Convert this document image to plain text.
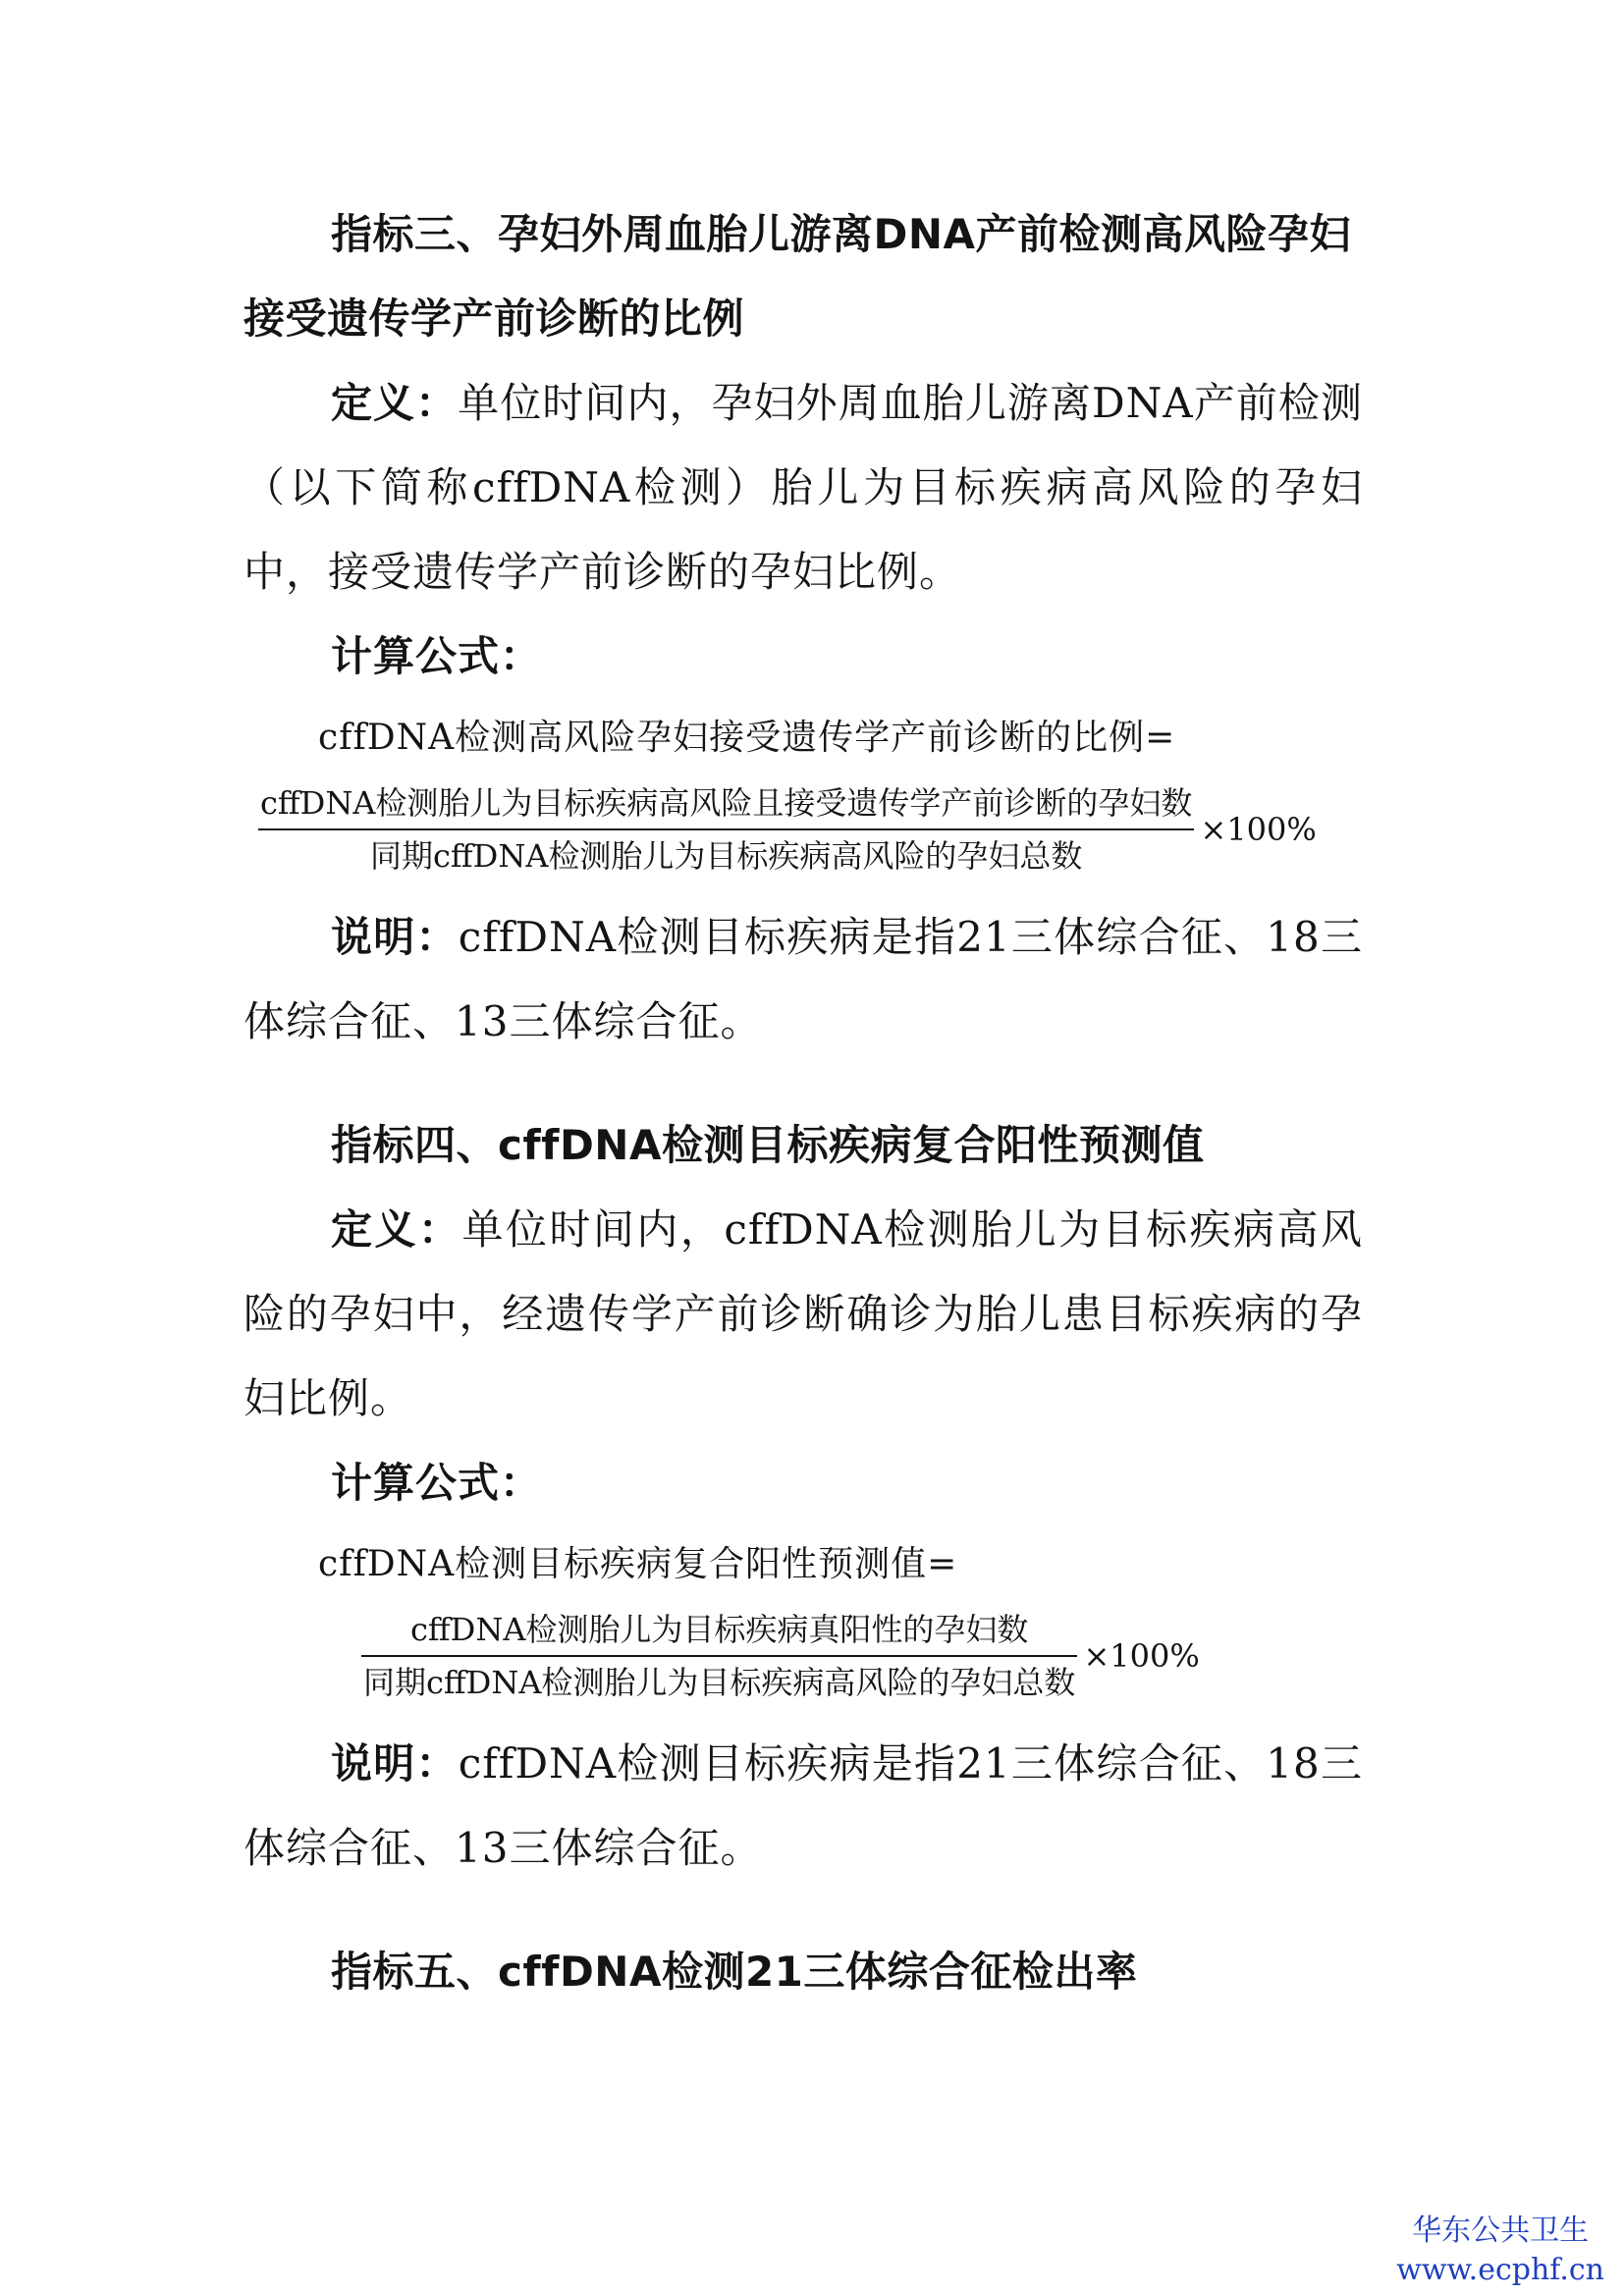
指标三、孕妇外周血胎儿游离DNA产前检测高风险孕妇接受遗传学产前诊断的比例

定义：单位时间内，孕妇外周血胎儿游离DNA产前检测（以下简称cffDNA检测）胎儿为目标疾病高风险的孕妇中，接受遗传学产前诊断的孕妇比例。

计算公式：

cffDNA检测高风险孕妇接受遗传学产前诊断的比例=

$\frac{\text{cffDNA检测胎儿为目标疾病高风险且接受遗传学产前诊断的孕妇数}}{\text{同期cffDNA检测胎儿为目标疾病高风险的孕妇总数}} \times 100\%$

说明：cffDNA检测目标疾病是指21三体综合征、18三体综合征、13三体综合征。

指标四、cffDNA检测目标疾病复合阳性预测值

定义：单位时间内，cffDNA检测胎儿为目标疾病高风险的孕妇中，经遗传学产前诊断确诊为胎儿患目标疾病的孕妇比例。

计算公式：

cffDNA检测目标疾病复合阳性预测值=

$\frac{\text{cffDNA检测胎儿为目标疾病真阳性的孕妇数}}{\text{同期cffDNA检测胎儿为目标疾病高风险的孕妇总数}} \times 100\%$

说明：cffDNA检测目标疾病是指21三体综合征、18三体综合征、13三体综合征。

指标五、cffDNA检测21三体综合征检出率

华东公共卫生
www.ecphf.cn
